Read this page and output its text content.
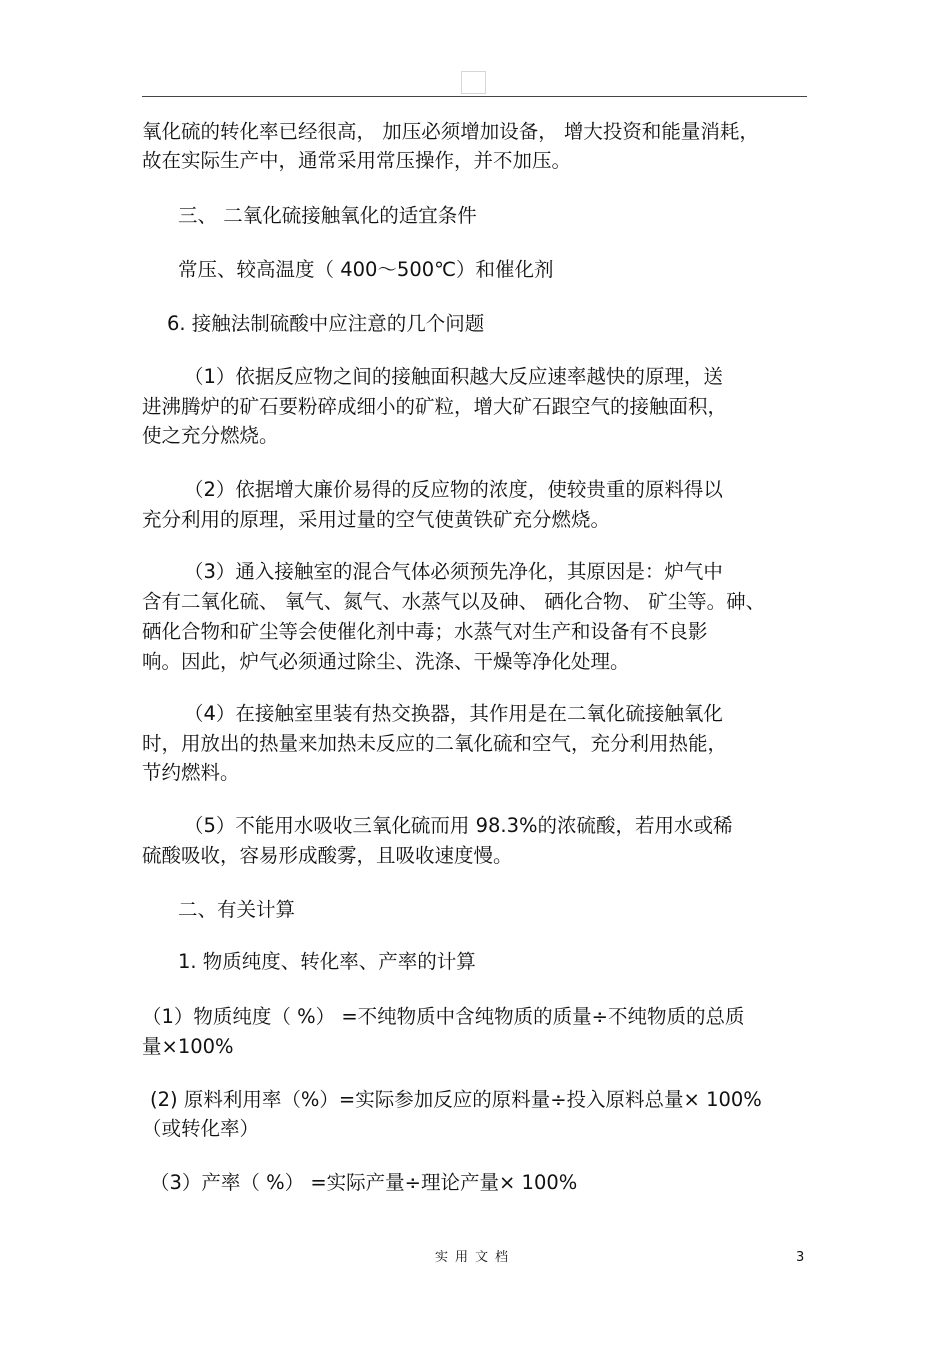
氧化硫的转化率已经很高， 加压必须增加设备， 增大投资和能量消耗，

故在实际生产中，通常采用常压操作，并不加压。

三、 二氧化硫接触氧化的适宜条件

常压、较高温度（ 400～500℃）和催化剂

6. 接触法制硫酸中应注意的几个问题

（1）依据反应物之间的接触面积越大反应速率越快的原理，送

进沸腾炉的矿石要粉碎成细小的矿粒，增大矿石跟空气的接触面积，

使之充分燃烧。

（2）依据增大廉价易得的反应物的浓度，使较贵重的原料得以

充分利用的原理，采用过量的空气使黄铁矿充分燃烧。

（3）通入接触室的混合气体必须预先净化，其原因是：炉气中

含有二氧化硫、 氧气、氮气、水蒸气以及砷、 硒化合物、 矿尘等。砷、

硒化合物和矿尘等会使催化剂中毒；水蒸气对生产和设备有不良影

响。因此，炉气必须通过除尘、洗涤、干燥等净化处理。

（4）在接触室里装有热交换器，其作用是在二氧化硫接触氧化

时，用放出的热量来加热未反应的二氧化硫和空气，充分利用热能，

节约燃料。

（5）不能用水吸收三氧化硫而用 98.3%的浓硫酸，若用水或稀

硫酸吸收，容易形成酸雾，且吸收速度慢。

二、有关计算

1. 物质纯度、转化率、产率的计算

（1）物质纯度（ %） =不纯物质中含纯物质的质量÷不纯物质的总质

量×100%

(2) 原料利用率（%）=实际参加反应的原料量÷投入原料总量× 100%

（或转化率）

（3）产率（ %） =实际产量÷理论产量× 100%

实用文档	3
